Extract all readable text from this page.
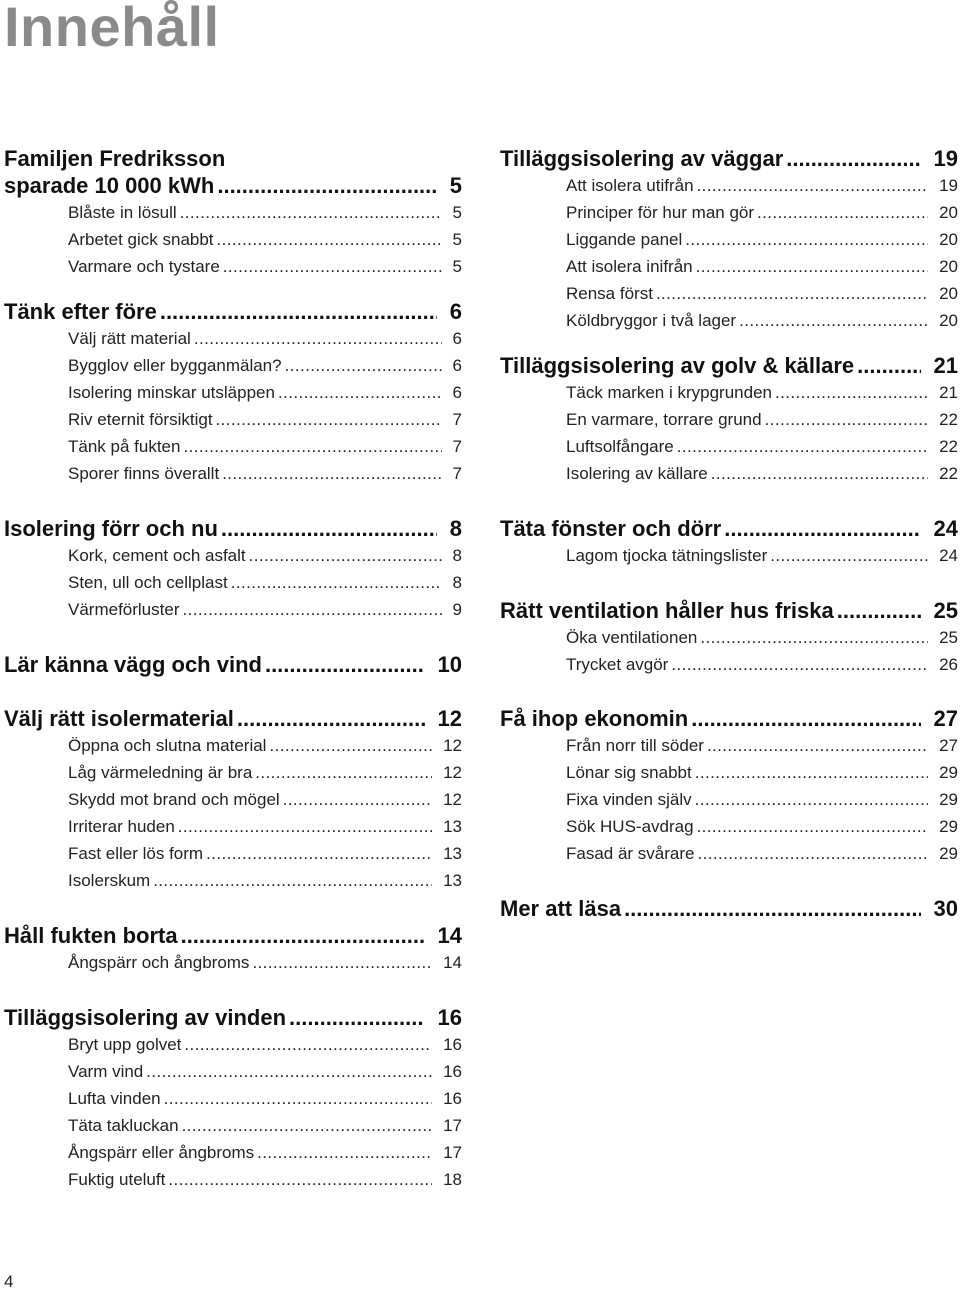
Innehåll
Familjen Fredriksson
sparade 10 000 kWh .....	5
Blåste in lösull .....	5
Arbetet gick snabbt .....	5
Varmare och tystare .....	5
Tänk efter före .....	6
Välj rätt material .....	6
Bygglov eller bygganmälan? .....	6
Isolering minskar utsläppen .....	6
Riv eternit försiktigt .....	7
Tänk på fukten .....	7
Sporer finns överallt .....	7
Isolering förr och nu .....	8
Kork, cement och asfalt .....	8
Sten, ull och cellplast .....	8
Värmeförluster .....	9
Lär känna vägg och vind .....	10
Välj rätt isolermaterial .....	12
Öppna och slutna material .....	12
Låg värmeledning är bra .....	12
Skydd mot brand och mögel .....	12
Irriterar huden .....	13
Fast eller lös form .....	13
Isolerskum .....	13
Håll fukten borta .....	14
Ångspärr och ångbroms .....	14
Tilläggsisolering av vinden .....	16
Bryt upp golvet .....	16
Varm vind .....	16
Lufta vinden .....	16
Täta takluckan .....	17
Ångspärr eller ångbroms .....	17
Fuktig uteluft .....	18
Tilläggsisolering av väggar .....	19
Att isolera utifrån .....	19
Principer för hur man gör .....	20
Liggande panel .....	20
Att isolera inifrån .....	20
Rensa först .....	20
Köldbryggor i två lager .....	20
Tilläggsisolering av golv & källare .....	21
Täck marken i krypgrunden .....	21
En varmare, torrare grund .....	22
Luftsolfångare .....	22
Isolering av källare .....	22
Täta fönster och dörr .....	24
Lagom tjocka tätningslister .....	24
Rätt ventilation håller hus friska .....	25
Öka ventilationen .....	25
Trycket avgör .....	26
Få ihop ekonomin .....	27
Från norr till söder .....	27
Lönar sig snabbt .....	29
Fixa vinden själv .....	29
Sök HUS-avdrag .....	29
Fasad är svårare .....	29
Mer att läsa .....	30
4
